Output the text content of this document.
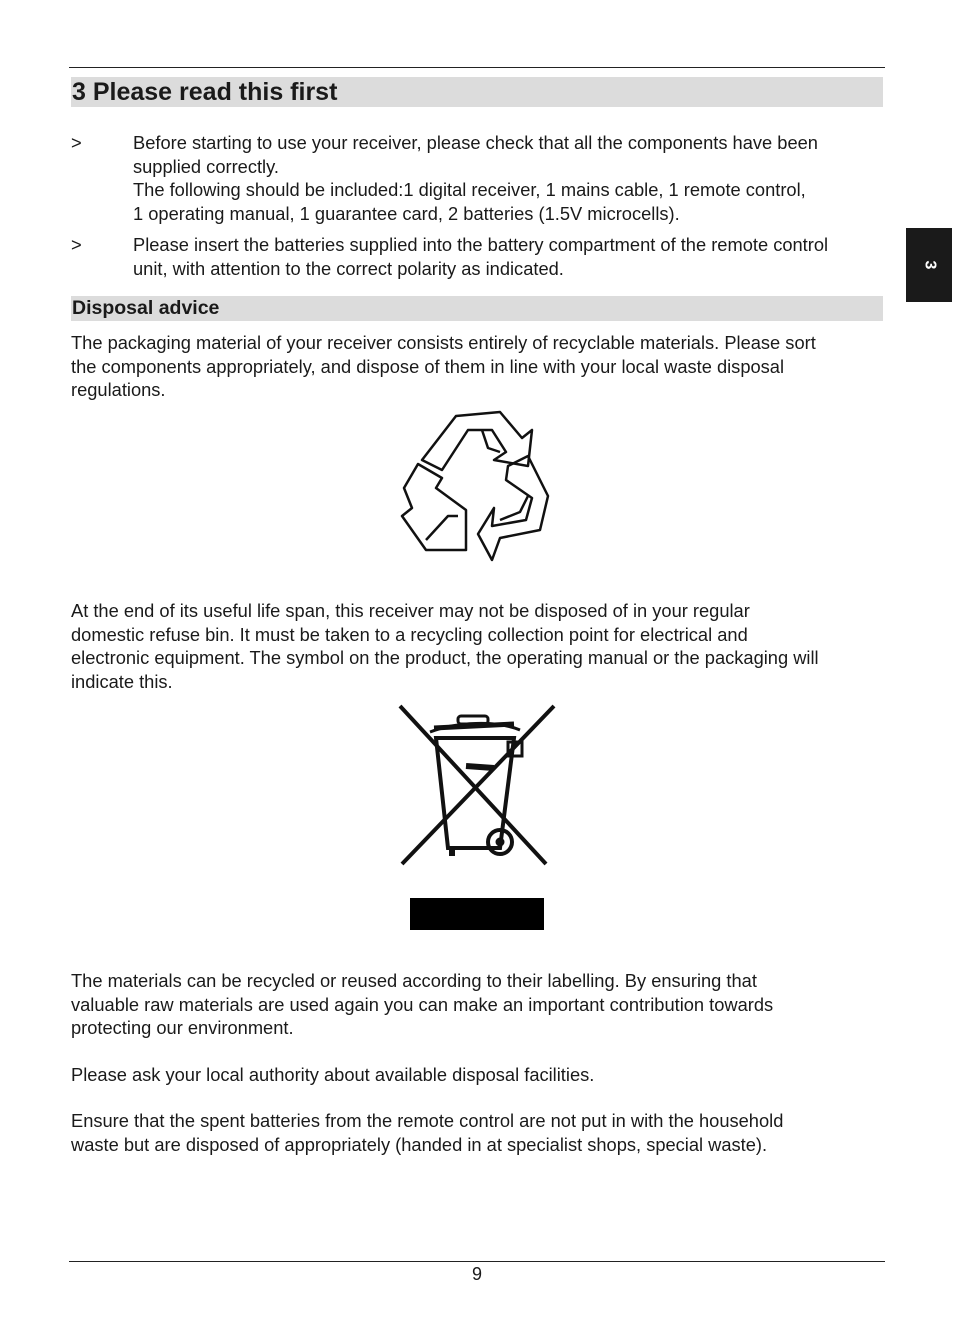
3 Please read this first
3
>	Before starting to use your receiver, please check that all the components have been
supplied correctly.
The following should be included:1 digital receiver, 1 mains cable, 1 remote control,
1 operating manual, 1 guarantee card, 2 batteries (1.5V microcells).
>	Please insert the batteries supplied into the battery compartment of the remote control
unit, with attention to the correct polarity as indicated.
Disposal advice
The packaging material of your receiver consists entirely of recyclable materials. Please sort
the components appropriately, and dispose of them in line with your local waste disposal
regulations.
At the end of its useful life span, this receiver may not be disposed of in your regular
domestic refuse bin. It must be taken to a recycling collection point for electrical and
electronic equipment. The symbol on the product, the operating manual or the packaging will
indicate this.
The materials can be recycled or reused according to their labelling. By ensuring that
valuable raw materials are used again you can make an important contribution towards
protecting our environment.
Please ask your local authority about available disposal facilities.
Ensure that the spent batteries from the remote control are not put in with the household
waste but are disposed of appropriately (handed in at specialist shops, special waste).
9
